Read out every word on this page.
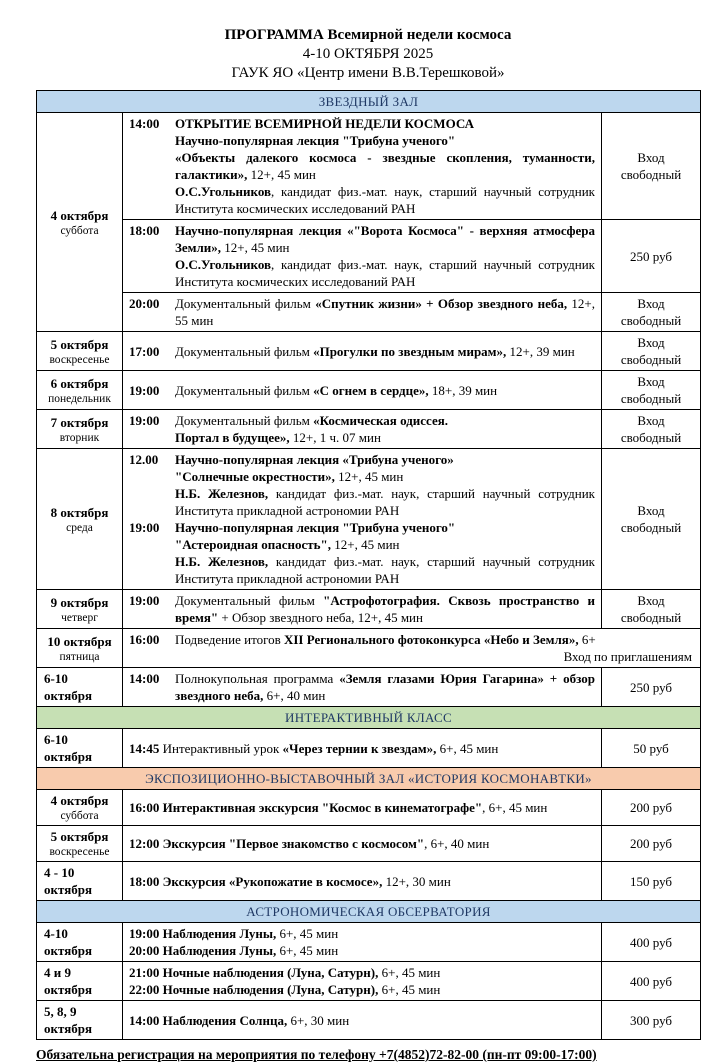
ПРОГРАММА Всемирной недели космоса
4-10 ОКТЯБРЯ 2025
ГАУК ЯО «Центр имени В.В.Терешковой»
ЗВЕЗДНЫЙ ЗАЛ		
4 октября
суббота

14:00 ОТКРЫТИЕ ВСЕМИРНОЙ НЕДЕЛИ КОСМОСА

Научно-популярная лекция "Трибуна ученого"

«Объекты далекого космоса - звездные скопления, туманности, галактики», 12+, 45 мин

О.С.Угольников, кандидат физ.-мат. наук, старший научный сотрудник Института космических исследований РАН

	Вход свободный

	18:00 Научно-популярная лекция «"Ворота Космоса" - верхняя атмосфера Земли», 12+, 45 мин

О.С.Угольников, кандидат физ.-мат. наук, старший научный сотрудник Института космических исследований РАН	250 руб

	20:00 Документальный фильм «Спутник жизни» + Обзор звездного неба, 12+, 55 мин	Вход свободный
5 октября
воскресенье	17:00 Документальный фильм «Прогулки по звездным мирам», 12+, 39 мин	Вход свободный
6 октября
понедельник	19:00 Документальный фильм «С огнем в сердце», 18+, 39 мин	Вход свободный
7 октября
вторник	19:00 Документальный фильм «Космическая одиссея.
Портал в будущее», 12+, 1 ч. 07 мин	Вход свободный
8 октября
среда

12.00 Научно-популярная лекция «Трибуна ученого»

"Солнечные окрестности», 12+, 45 мин

Н.Б. Железнов, кандидат физ.-мат. наук, старший научный сотрудник Института прикладной астрономии РАН

19:00 Научно-популярная лекция "Трибуна ученого"

"Астероидная опасность", 12+, 45 мин

Н.Б. Железнов, кандидат физ.-мат. наук, старший научный сотрудник Института прикладной астрономии РАН

	Вход свободный
9 октября
четверг	19:00 Документальный фильм "Астрофотография. Сквозь пространство и время" + Обзор звездного неба, 12+, 45 мин	Вход свободный
10 октября
пятница

16:00 Подведение итогов XII Регионального фотоконкурса «Небо и Земля», 6+

Вход по приглашениям

6-10
октября	14:00 Полнокупольная программа «Земля глазами Юрия Гагарина» + обзор звездного неба, 6+, 40 мин	250 руб
ИНТЕРАКТИВНЫЙ КЛАСС		
6-10
октября	14:45 Интерактивный урок «Через тернии к звездам», 6+, 45 мин	50 руб
ЭКСПОЗИЦИОННО-ВЫСТАВОЧНЫЙ ЗАЛ «ИСТОРИЯ КОСМОНАВТКИ»		
4 октября
суббота	16:00 Интерактивная экскурсия "Космос в кинематографе", 6+, 45 мин	200 руб
5 октября
воскресенье	12:00 Экскурсия "Первое знакомство с космосом", 6+, 40 мин	200 руб
4 - 10
октября	18:00 Экскурсия «Рукопожатие в космосе», 12+, 30 мин	150 руб
АСТРОНОМИЧЕСКАЯ ОБСЕРВАТОРИЯ		
4-10
октября

19:00 Наблюдения Луны, 6+, 45 мин

20:00 Наблюдения Луны, 6+, 45 мин

	400 руб
4 и 9
октября

21:00 Ночные наблюдения (Луна, Сатурн), 6+, 45 мин

22:00 Ночные наблюдения (Луна, Сатурн), 6+, 45 мин

	400 руб
5, 8, 9
октября	14:00 Наблюдения Солнца, 6+, 30 мин	300 руб
Обязательна регистрация на мероприятия по телефону +7(4852)72-82-00 (пн-пт 09:00-17:00)
